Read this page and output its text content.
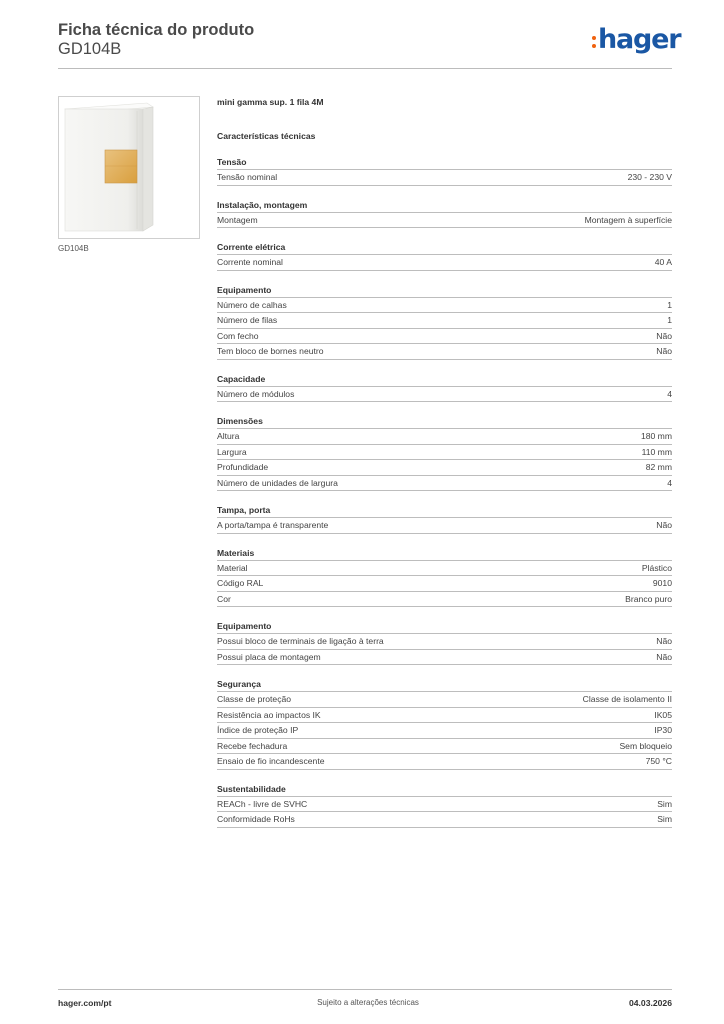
Ficha técnica do produto
GD104B	hager
GD104B
mini gamma sup. 1 fila 4M
Características técnicas
Tensão
Tensão nominal	230 - 230 V
Instalação, montagem
Montagem	Montagem à superfície
Corrente elétrica
Corrente nominal	40 A
Equipamento
Número de calhas	1
Número de filas	1
Com fecho	Não
Tem bloco de bornes neutro	Não
Capacidade
Número de módulos	4
Dimensões
Altura	180 mm
Largura	110 mm
Profundidade	82 mm
Número de unidades de largura	4
Tampa, porta
A porta/tampa é transparente	Não
Materiais
Material	Plástico
Código RAL	9010
Cor	Branco puro
Equipamento
Possui bloco de terminais de ligação à terra	Não
Possui placa de montagem	Não
Segurança
Classe de proteção	Classe de isolamento II
Resistência ao impactos IK	IK05
Índice de proteção IP	IP30
Recebe fechadura	Sem bloqueio
Ensaio de fio incandescente	750 °C
Sustentabilidade
REACh - livre de SVHC	Sim
Conformidade RoHs	Sim
hager.com/pt	Sujeito a alterações técnicas	04.03.2026
